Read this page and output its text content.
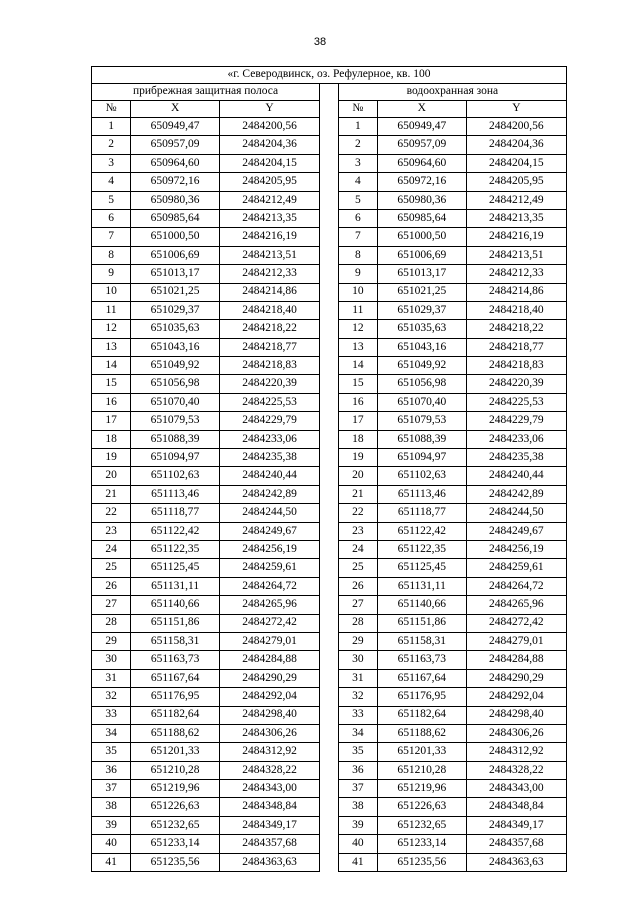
38
«г. Северодвинск, оз. Рефулерное, кв. 100						
прибрежная защитная полоса				водоохранная зона		
№	X	Y		№	X	Y
1	650949,47	2484200,56		1	650949,47	2484200,56
2	650957,09	2484204,36		2	650957,09	2484204,36
3	650964,60	2484204,15		3	650964,60	2484204,15
4	650972,16	2484205,95		4	650972,16	2484205,95
5	650980,36	2484212,49		5	650980,36	2484212,49
6	650985,64	2484213,35		6	650985,64	2484213,35
7	651000,50	2484216,19		7	651000,50	2484216,19
8	651006,69	2484213,51		8	651006,69	2484213,51
9	651013,17	2484212,33		9	651013,17	2484212,33
10	651021,25	2484214,86		10	651021,25	2484214,86
11	651029,37	2484218,40		11	651029,37	2484218,40
12	651035,63	2484218,22		12	651035,63	2484218,22
13	651043,16	2484218,77		13	651043,16	2484218,77
14	651049,92	2484218,83		14	651049,92	2484218,83
15	651056,98	2484220,39		15	651056,98	2484220,39
16	651070,40	2484225,53		16	651070,40	2484225,53
17	651079,53	2484229,79		17	651079,53	2484229,79
18	651088,39	2484233,06		18	651088,39	2484233,06
19	651094,97	2484235,38		19	651094,97	2484235,38
20	651102,63	2484240,44		20	651102,63	2484240,44
21	651113,46	2484242,89		21	651113,46	2484242,89
22	651118,77	2484244,50		22	651118,77	2484244,50
23	651122,42	2484249,67		23	651122,42	2484249,67
24	651122,35	2484256,19		24	651122,35	2484256,19
25	651125,45	2484259,61		25	651125,45	2484259,61
26	651131,11	2484264,72		26	651131,11	2484264,72
27	651140,66	2484265,96		27	651140,66	2484265,96
28	651151,86	2484272,42		28	651151,86	2484272,42
29	651158,31	2484279,01		29	651158,31	2484279,01
30	651163,73	2484284,88		30	651163,73	2484284,88
31	651167,64	2484290,29		31	651167,64	2484290,29
32	651176,95	2484292,04		32	651176,95	2484292,04
33	651182,64	2484298,40		33	651182,64	2484298,40
34	651188,62	2484306,26		34	651188,62	2484306,26
35	651201,33	2484312,92		35	651201,33	2484312,92
36	651210,28	2484328,22		36	651210,28	2484328,22
37	651219,96	2484343,00		37	651219,96	2484343,00
38	651226,63	2484348,84		38	651226,63	2484348,84
39	651232,65	2484349,17		39	651232,65	2484349,17
40	651233,14	2484357,68		40	651233,14	2484357,68
41	651235,56	2484363,63		41	651235,56	2484363,63
